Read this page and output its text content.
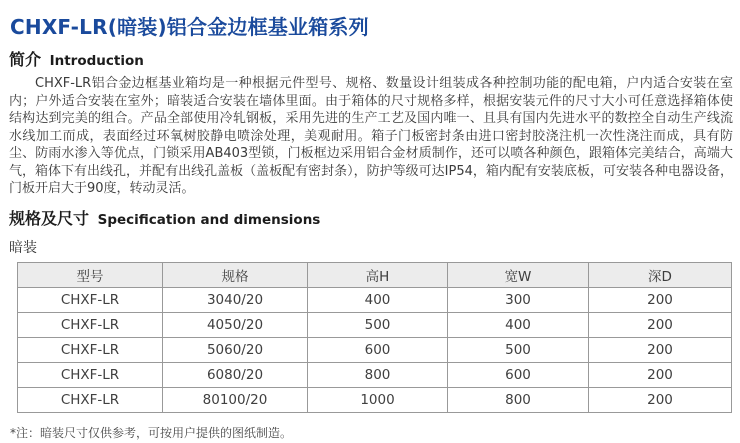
CHXF-LR(暗装)铝合金边框基业箱系列
简介 Introduction

CHXF-LR铝合金边框基业箱均是一种根据元件型号、规格、数量设计组装成各种控制功能的配电箱，户内适合安装在室内；户外适合安装在室外；暗装适合安装在墙体里面。由于箱体的尺寸规格多样，根据安装元件的尺寸大小可任意选择箱体使结构达到完美的组合。产品全部使用冷轧钢板，采用先进的生产工艺及国内唯一、且具有国内先进水平的数控全自动生产线流水线加工而成，表面经过环氧树胶静电喷涂处理，美观耐用。箱子门板密封条由进口密封胶浇注机一次性浇注而成，具有防尘、防雨水渗入等优点，门锁采用AB403型锁，门板框边采用铝合金材质制作，还可以喷各种颜色，跟箱体完美结合，高端大气，箱体下有出线孔，并配有出线孔盖板（盖板配有密封条），防护等级可达IP54，箱内配有安装底板，可安装各种电器设备，门板开启大于90度，转动灵活。

规格及尺寸 Specification and dimensions
暗装
型号	规格	高H	宽W	深D
CHXF-LR	3040/20	400	300	200
CHXF-LR	4050/20	500	400	200
CHXF-LR	5060/20	600	500	200
CHXF-LR	6080/20	800	600	200
CHXF-LR	80100/20	1000	800	200
*注：暗装尺寸仅供参考，可按用户提供的图纸制造。
